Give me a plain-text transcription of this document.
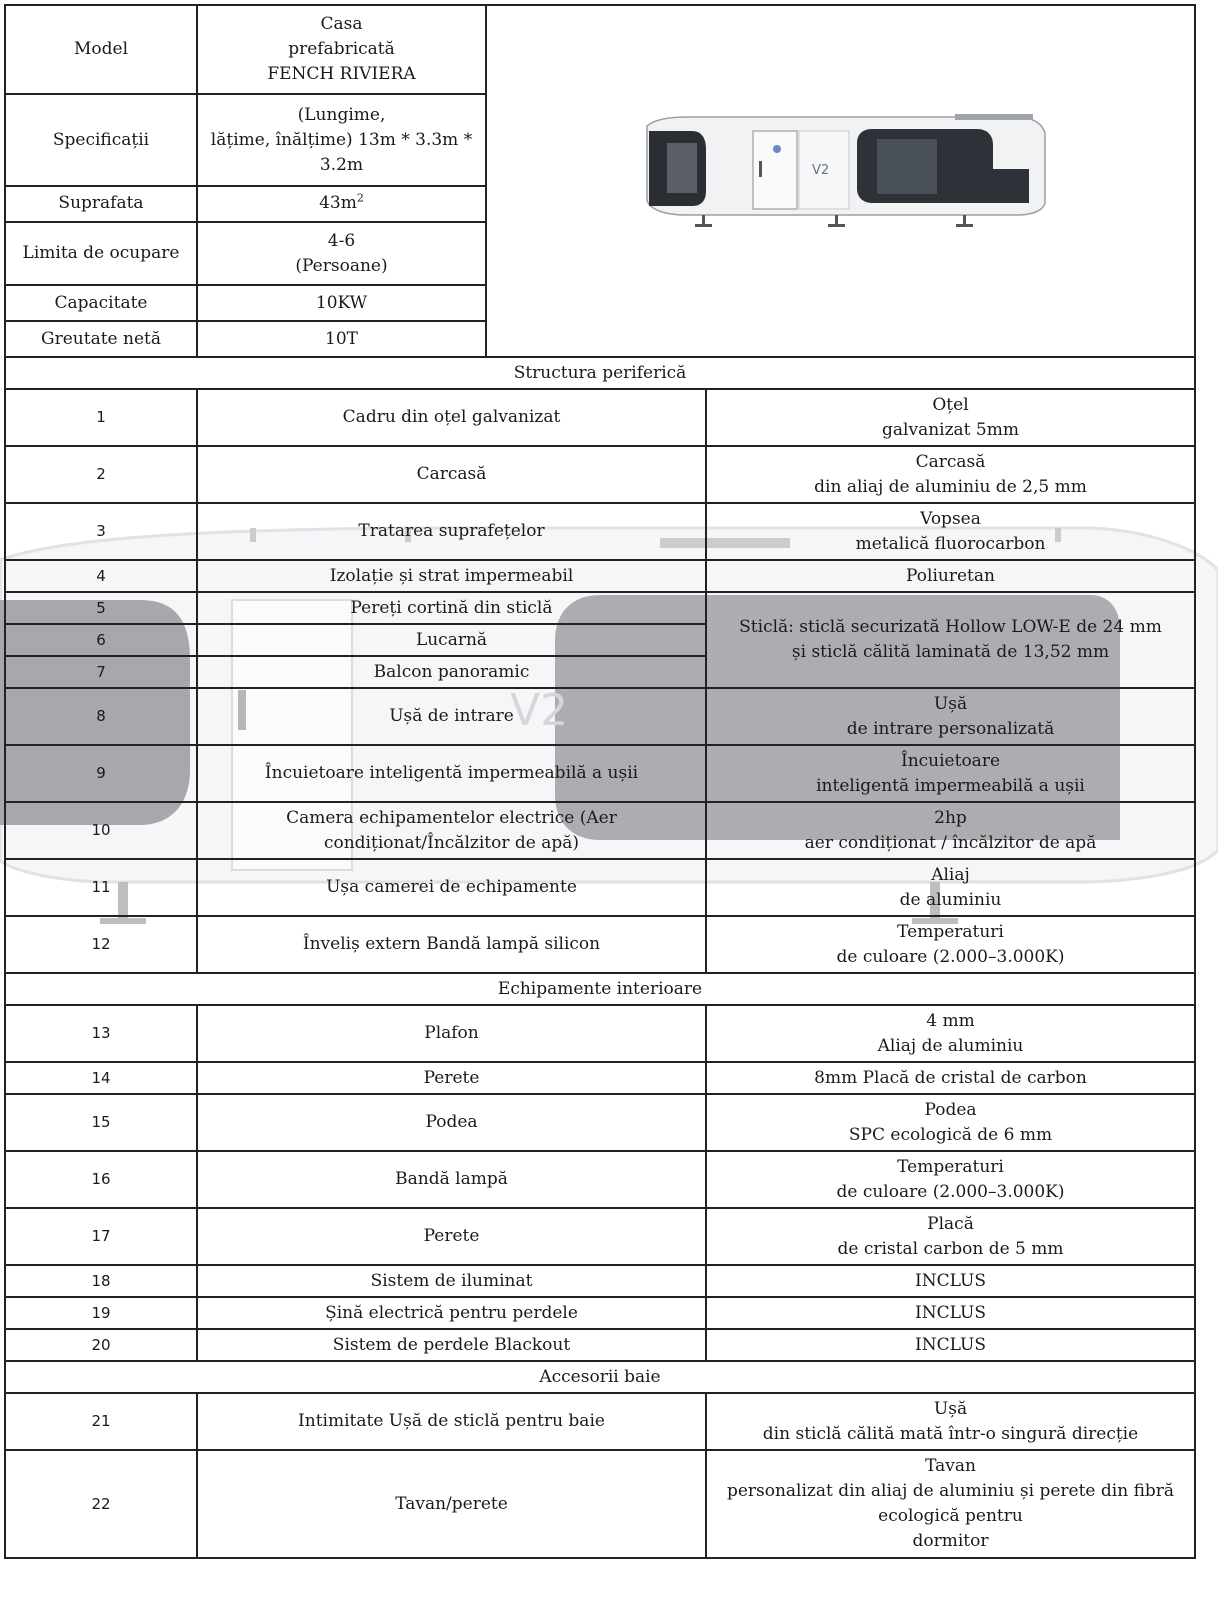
V2
Model	Casa
prefabricată
FENCH RIVIERA	V2	

Specificații	(Lungime,
lățime, înălțime) 13m * 3.3m *
3.2m		
Suprafata	$43m^2$
Limita de ocupare	4-6
(Persoane)		
Capacitate	10KW		
Greutate netă	10T		
Structura periferică			
1	Cadru din oțel galvanizat		Oțel
galvanizat 5mm
2	Carcasă		Carcasă
din aliaj de aluminiu de 2,5 mm
3	Tratarea suprafețelor		Vopsea
metalică fluorocarbon
4	Izolație și strat impermeabil		Poliuretan
5	Pereți cortină din sticlă		Sticlă: sticlă securizată Hollow LOW-E de 24 mm
și sticlă călită laminată de 13,52 mm
6	Lucarnă		
7	Balcon panoramic		
8	Ușă de intrare		Ușă
de intrare personalizată
9	Încuietoare inteligentă impermeabilă a ușii		Încuietoare
inteligentă impermeabilă a ușii
10	Camera echipamentelor electrice (Aer
condiționat/Încălzitor de apă)		2hp
aer condiționat / încălzitor de apă
11	Ușa camerei de echipamente		Aliaj
de aluminiu
12	Înveliș extern Bandă lampă silicon		Temperaturi
de culoare (2.000–3.000K)
Echipamente interioare			
13	Plafon		4 mm
Aliaj de aluminiu
14	Perete		8mm Placă de cristal de carbon
15	Podea		Podea
SPC ecologică de 6 mm
16	Bandă lampă		Temperaturi
de culoare (2.000–3.000K)
17	Perete		Placă
de cristal carbon de 5 mm
18	Sistem de iluminat		INCLUS
19	Șină electrică pentru perdele		INCLUS
20	Sistem de perdele Blackout		INCLUS
Accesorii baie			
21	Intimitate Ușă de sticlă pentru baie		Ușă
din sticlă călită mată într-o singură direcție
22	Tavan/perete		Tavan
personalizat din aliaj de aluminiu și perete din fibră
ecologică pentru
dormitor
